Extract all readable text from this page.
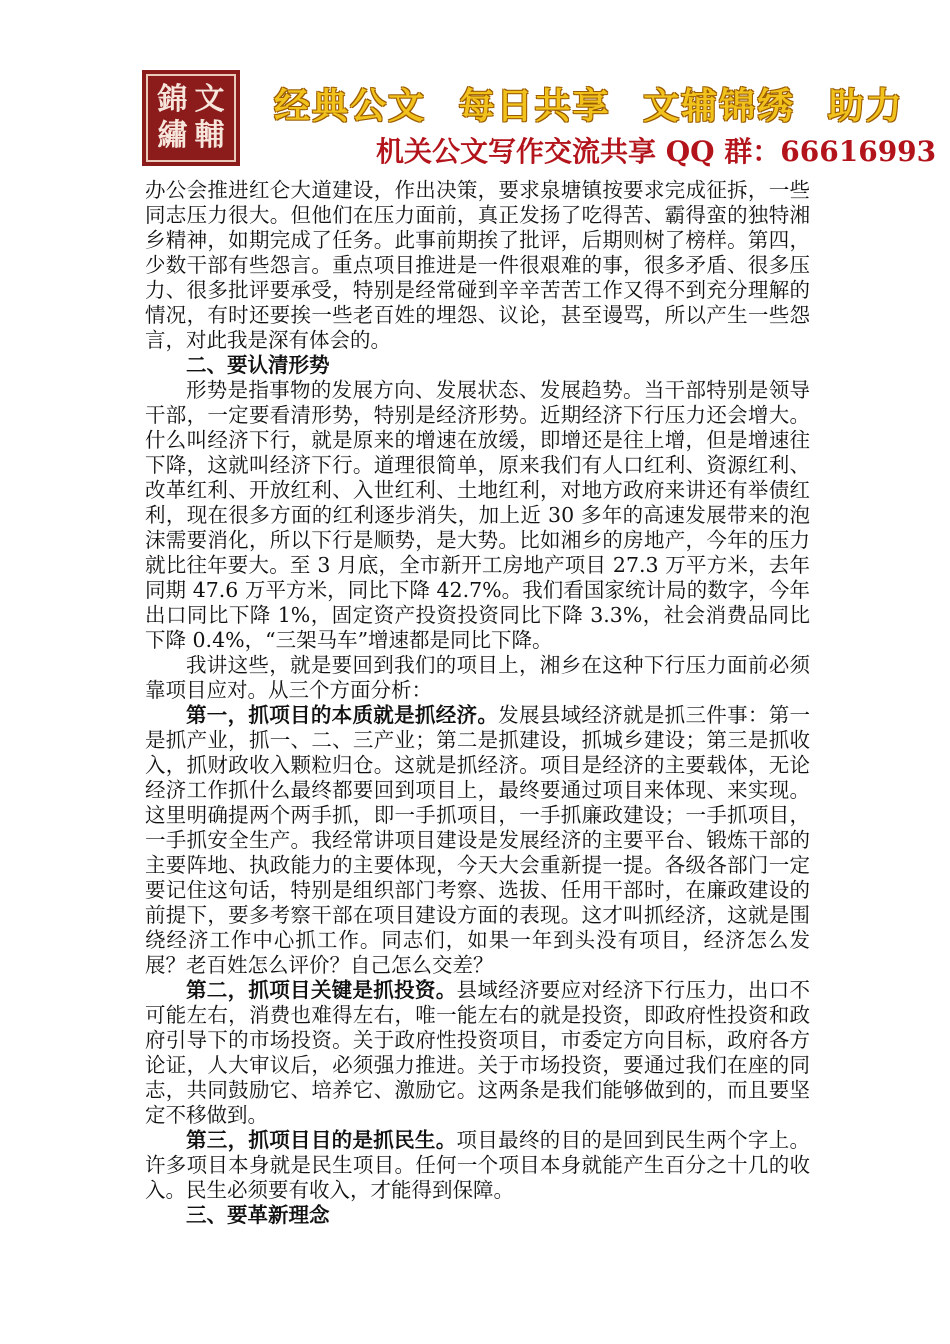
錦 文
繡 輔
经典公文 每日共享 文辅锦绣 助力
机关公文写作交流共享 QQ 群：66616993

办公会推进红仑大道建设，作出决策，要求泉塘镇按要求完成征拆，一些同志压力很大。但他们在压力面前，真正发扬了吃得苦、霸得蛮的独特湘乡精神，如期完成了任务。此事前期挨了批评，后期则树了榜样。第四，少数干部有些怨言。重点项目推进是一件很艰难的事，很多矛盾、很多压力、很多批评要承受，特别是经常碰到辛辛苦苦工作又得不到充分理解的情况，有时还要挨一些老百姓的埋怨、议论，甚至谩骂，所以产生一些怨言，对此我是深有体会的。

二、要认清形势

形势是指事物的发展方向、发展状态、发展趋势。当干部特别是领导干部，一定要看清形势，特别是经济形势。近期经济下行压力还会增大。什么叫经济下行，就是原来的增速在放缓，即增还是往上增，但是增速往下降，这就叫经济下行。道理很简单，原来我们有人口红利、资源红利、改革红利、开放红利、入世红利、土地红利，对地方政府来讲还有举债红利，现在很多方面的红利逐步消失，加上近 30 多年的高速发展带来的泡沫需要消化，所以下行是顺势，是大势。比如湘乡的房地产，今年的压力就比往年要大。至 3 月底，全市新开工房地产项目 27.3 万平方米，去年同期 47.6 万平方米，同比下降 42.7%。我们看国家统计局的数字，今年出口同比下降 1%，固定资产投资投资同比下降 3.3%，社会消费品同比下降 0.4%，“三架马车”增速都是同比下降。

我讲这些，就是要回到我们的项目上，湘乡在这种下行压力面前必须靠项目应对。从三个方面分析：

第一，抓项目的本质就是抓经济。发展县域经济就是抓三件事：第一是抓产业，抓一、二、三产业；第二是抓建设，抓城乡建设；第三是抓收入，抓财政收入颗粒归仓。这就是抓经济。项目是经济的主要载体，无论经济工作抓什么最终都要回到项目上，最终要通过项目来体现、来实现。这里明确提两个两手抓，即一手抓项目，一手抓廉政建设；一手抓项目，一手抓安全生产。我经常讲项目建设是发展经济的主要平台、锻炼干部的主要阵地、执政能力的主要体现，今天大会重新提一提。各级各部门一定要记住这句话，特别是组织部门考察、选拔、任用干部时，在廉政建设的前提下，要多考察干部在项目建设方面的表现。这才叫抓经济，这就是围绕经济工作中心抓工作。同志们，如果一年到头没有项目，经济怎么发展？老百姓怎么评价？自己怎么交差？

第二，抓项目关键是抓投资。县域经济要应对经济下行压力，出口不可能左右，消费也难得左右，唯一能左右的就是投资，即政府性投资和政府引导下的市场投资。关于政府性投资项目，市委定方向目标，政府各方论证，人大审议后，必须强力推进。关于市场投资，要通过我们在座的同志，共同鼓励它、培养它、激励它。这两条是我们能够做到的，而且要坚定不移做到。

第三，抓项目目的是抓民生。项目最终的目的是回到民生两个字上。许多项目本身就是民生项目。任何一个项目本身就能产生百分之十几的收入。民生必须要有收入，才能得到保障。

三、要革新理念
